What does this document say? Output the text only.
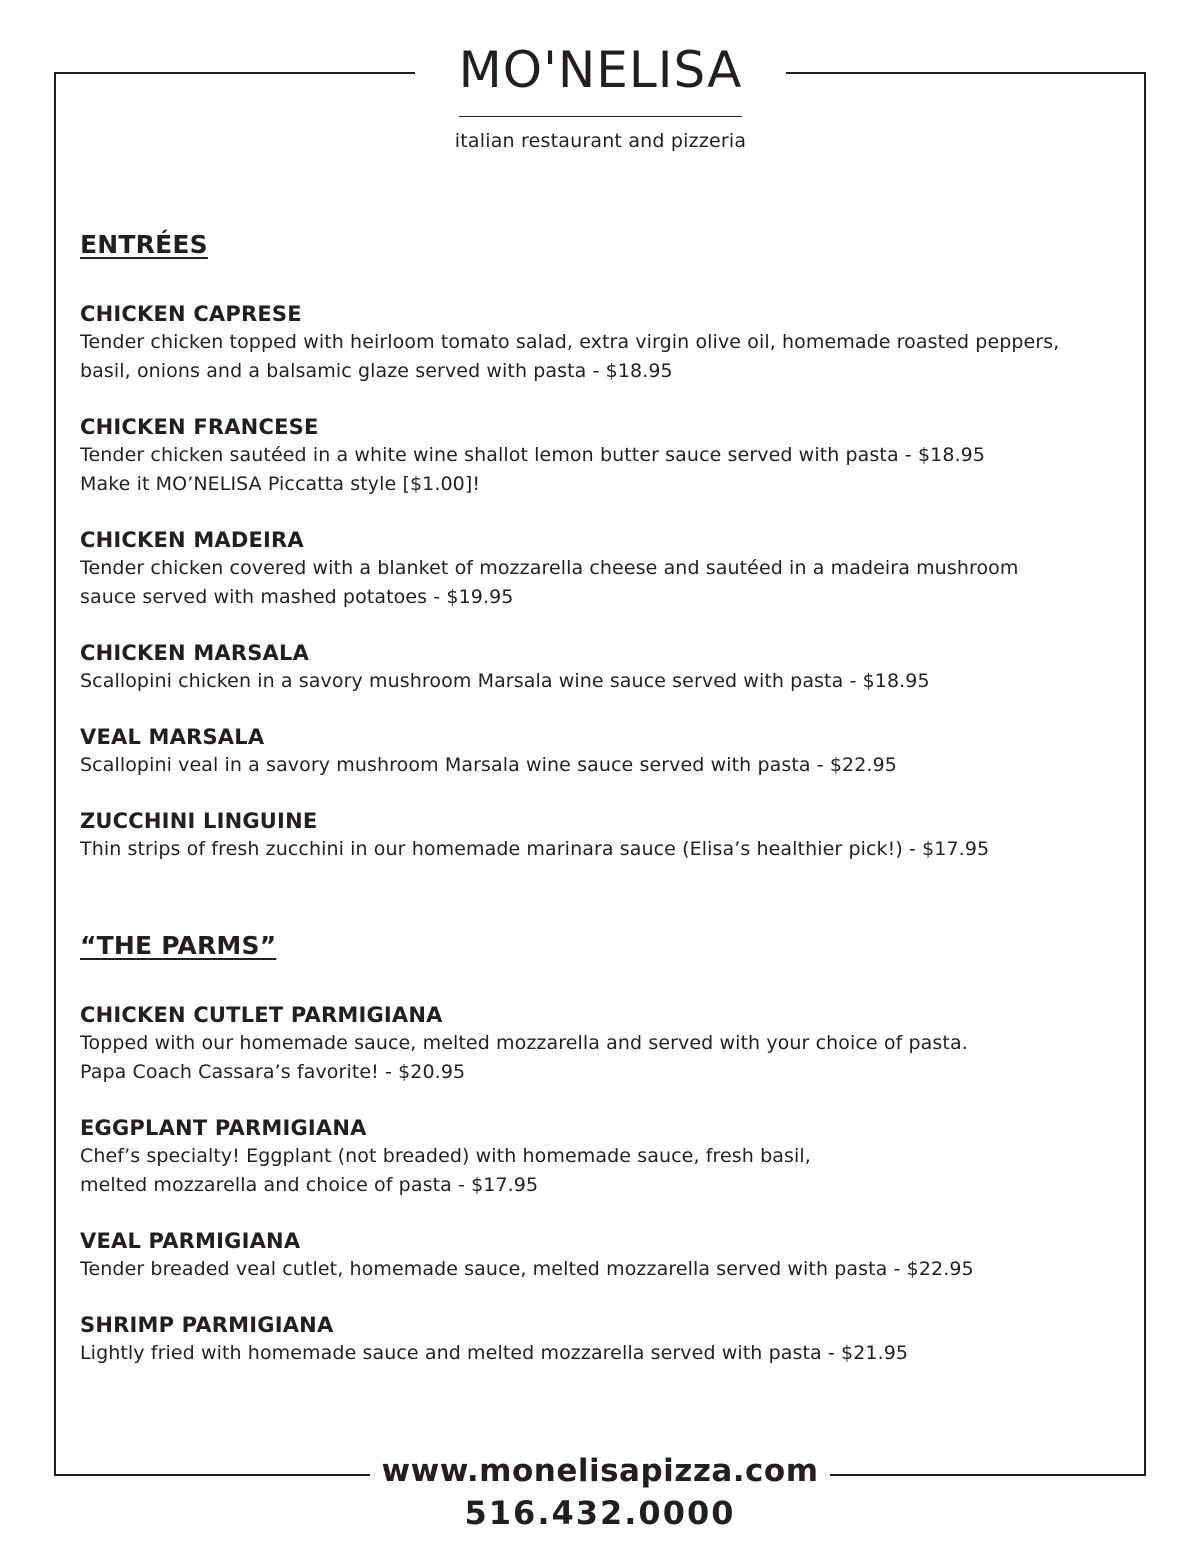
MO'NELISA
italian restaurant and pizzeria
ENTRÉES
CHICKEN CAPRESE
Tender chicken topped with heirloom tomato salad, extra virgin olive oil, homemade roasted peppers,
basil, onions and a balsamic glaze served with pasta - $18.95
CHICKEN FRANCESE
Tender chicken sautéed in a white wine shallot lemon butter sauce served with pasta - $18.95
Make it MO’NELISA Piccatta style [$1.00]!
CHICKEN MADEIRA
Tender chicken covered with a blanket of mozzarella cheese and sautéed in a madeira mushroom
sauce served with mashed potatoes - $19.95
CHICKEN MARSALA
Scallopini chicken in a savory mushroom Marsala wine sauce served with pasta - $18.95
VEAL MARSALA
Scallopini veal in a savory mushroom Marsala wine sauce served with pasta - $22.95
ZUCCHINI LINGUINE
Thin strips of fresh zucchini in our homemade marinara sauce (Elisa’s healthier pick!) - $17.95
“THE PARMS”
CHICKEN CUTLET PARMIGIANA
Topped with our homemade sauce, melted mozzarella and served with your choice of pasta.
Papa Coach Cassara’s favorite! - $20.95
EGGPLANT PARMIGIANA
Chef’s specialty! Eggplant (not breaded) with homemade sauce, fresh basil,
melted mozzarella and choice of pasta - $17.95
VEAL PARMIGIANA
Tender breaded veal cutlet, homemade sauce, melted mozzarella served with pasta - $22.95
SHRIMP PARMIGIANA
Lightly fried with homemade sauce and melted mozzarella served with pasta - $21.95
www.monelisapizza.com
516.432.0000
